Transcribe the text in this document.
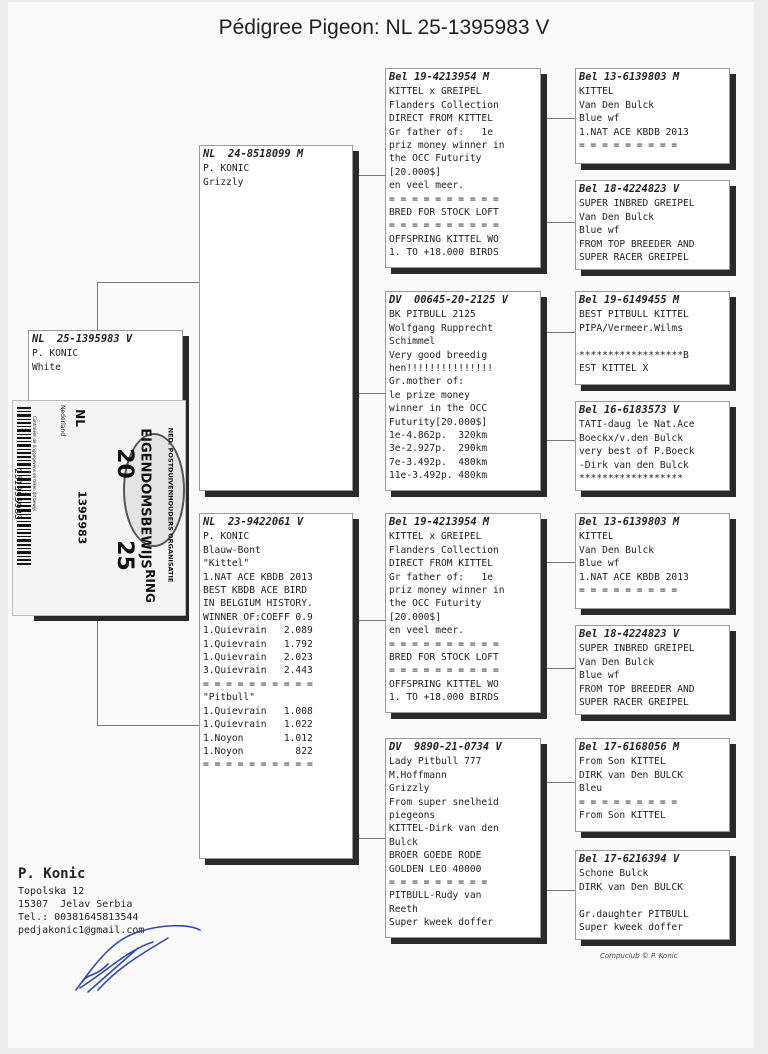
Pédigree Pigeon: NL 25-1395983 V
NL  25-1395983 V
P. KONIC
White
NL  24-8518099 M
P. KONIC
Grizzly
NL  23-9422061 V
P. KONIC
Blauw-Bont
"Kittel"
1.NAT ACE KBDB 2013
BEST KBDB ACE BIRD
IN BELGIUM HISTORY.
WINNER OF:COEFF 0.9
1.Quievrain   2.089
1.Quievrain   1.792
1.Quievrain   2.023
3.Quievrain   2.443
= = = = = = = = = =
"Pitbull"
1.Quievrain   1.008
1.Quievrain   1.022
1.Noyon       1.012
1.Noyon         822
= = = = = = = = = =
Bel 19-4213954 M
KITTEL x GREIPEL
Flanders Collection
DIRECT FROM KITTEL
Gr father of:   1e
priz money winner in
the OCC Futurity
[20.000$]
en veel meer.
= = = = = = = = = =
BRED FOR STOCK LOFT
= = = = = = = = = =
OFFSPRING KITTEL WO
1. TO +18.000 BIRDS
DV  00645-20-2125 V
BK PITBULL 2125
Wolfgang Rupprecht
Schimmel
Very good breedig
hen!!!!!!!!!!!!!!!
Gr.mother of:
le prize money
winner in the OCC
Futurity[20.000$]
1e-4.862p.  320km
3e-2.927p.  290km
7e-3.492p.  480km
11e-3.492p. 480km
Bel 19-4213954 M
KITTEL x GREIPEL
Flanders Collection
DIRECT FROM KITTEL
Gr father of:   1e
priz money winner in
the OCC Futurity
[20.000$]
en veel meer.
= = = = = = = = = =
BRED FOR STOCK LOFT
= = = = = = = = = =
OFFSPRING KITTEL WO
1. TO +18.000 BIRDS
DV  9890-21-0734 V
Lady Pitbull 777
M.Hoffmann
Grizzly
From super snelheid
piegeons
KITTEL-Dirk van den
Bulck
BROER GOEDE RODE
GOLDEN LEO 40000
= = = = = = = = =
PITBULL-Rudy van
Reeth
Super kweek doffer
Bel 13-6139803 M
KITTEL
Van Den Bulck
Blue wf
1.NAT ACE KBDB 2013
= = = = = = = = =
Bel 18-4224823 V
SUPER INBRED GREIPEL
Van Den Bulck
Blue wf
FROM TOP BREEDER AND
SUPER RACER GREIPEL
Bel 19-6149455 M
BEST PITBULL KITTEL
PIPA/Vermeer.Wilms

******************B
EST KITTEL X
Bel 16-6183573 V
TATI-daug le Nat.Ace
Boeckx/v.den Bulck
very best of P.Boeck
-Dirk van den Bulck
******************
Bel 13-6139803 M
KITTEL
Van Den Bulck
Blue wf
1.NAT ACE KBDB 2013
= = = = = = = = =
Bel 18-4224823 V
SUPER INBRED GREIPEL
Van Den Bulck
Blue wf
FROM TOP BREEDER AND
SUPER RACER GREIPEL
Bel 17-6168056 M
From Son KITTEL
DIRK van Den BULCK
Bleu
= = = = = = = = =
From Son KITTEL
Bel 17-6216394 V
Schone Bulck
DIRK van Den BULCK

Gr.daughter PITBULL
Super kweek doffer
251395983	Controleer de ringgegevens en teken dit bewijs	Nederland NL
1395983
20
25 EIGENDOMSBEWIJS NED. POSTDUIVENHOUDERS ORGANISATIE
RING
P. Konic
Topolska 12
15307  Jelav Serbia
Tel.: 00381645813544
pedjakonic1@gmail.com
Compuclub © P. Konic
